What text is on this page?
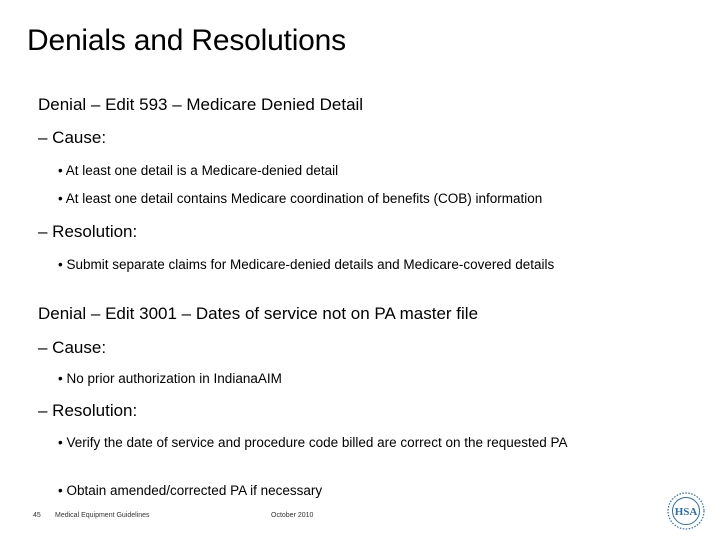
Denials and Resolutions
Denial – Edit 593 – Medicare Denied Detail
– Cause:
• At least one detail is a Medicare-denied detail
• At least one detail contains Medicare coordination of benefits (COB) information
– Resolution:
• Submit separate claims for Medicare-denied details and Medicare-covered details
Denial – Edit 3001 – Dates of service not on PA master file
– Cause:
• No prior authorization in IndianaAIM
– Resolution:
• Verify the date of service and procedure code billed are correct on the requested PA
• Obtain amended/corrected PA if necessary
45 Medical Equipment Guidelines	October 2010	HSA
